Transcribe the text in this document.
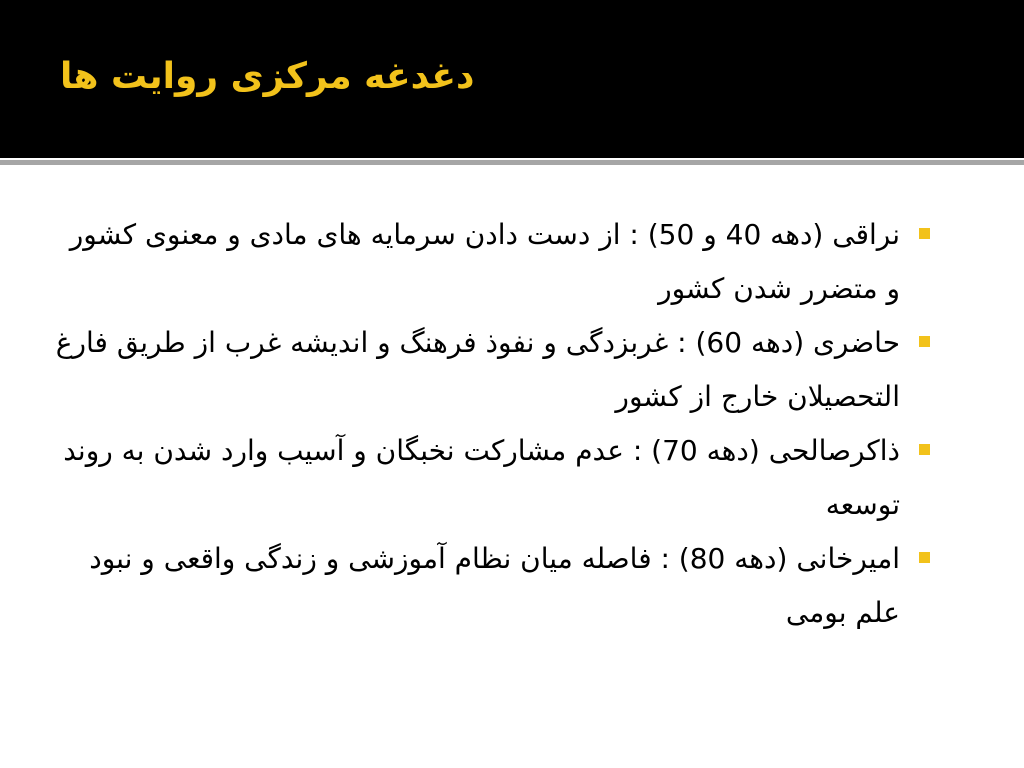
دغدغه مرکزی روایت ها
نراقی (دهه 40 و 50) : از دست دادن سرمایه های مادی و معنوی کشور و متضرر شدن کشور
حاضری (دهه 60) : غربزدگی و نفوذ فرهنگ و اندیشه غرب از طریق فارغ التحصیلان خارج از کشور
ذاکرصالحی (دهه 70) : عدم مشارکت نخبگان و آسیب وارد شدن به روند توسعه
امیرخانی (دهه 80) : فاصله میان نظام آموزشی و زندگی واقعی و نبود علم بومی
